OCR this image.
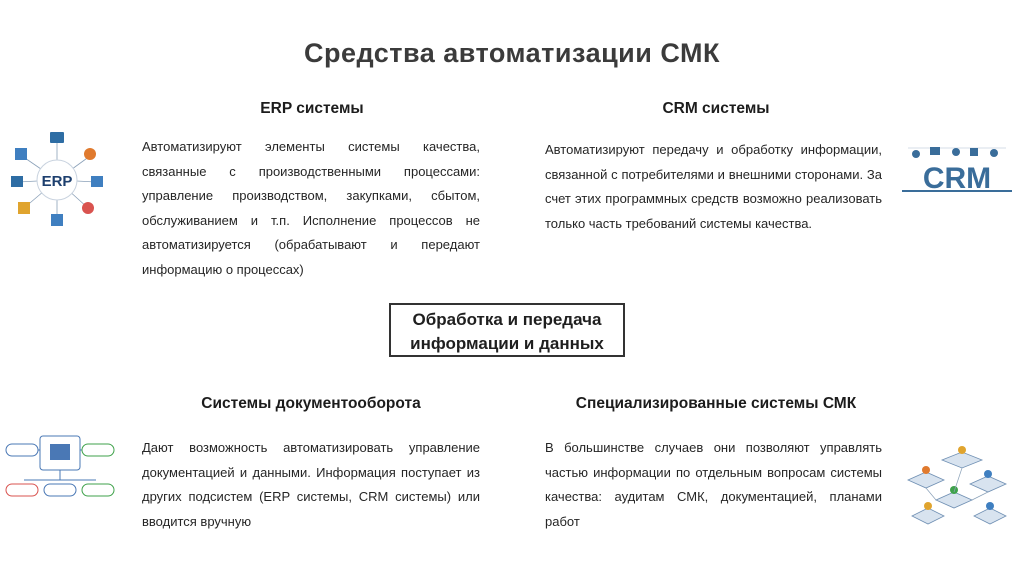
Средства автоматизации СМК
ERP
ERP системы
Автоматизируют элементы системы качества, связанные с производственными процессами: управление производством, закупками, сбытом, обслуживанием и т.п. Исполнение процессов не автоматизируется (обрабатывают и передают информацию о процессах)
CRM системы
Автоматизируют передачу и обработку информации, связанной с потребителями и внешними сторонами. За счет этих программных средств возможно реализовать только часть требований системы качества.
CRM
Обработка и передача
информации и данных
Системы документооборота
Дают возможность автоматизировать управление документацией и данными. Информация поступает из других подсистем (ERP системы, CRM системы) или вводится вручную
Специализированные системы СМК
В большинстве случаев они позволяют управлять частью информации по отдельным вопросам системы качества: аудитам СМК, документацией, планами работ
